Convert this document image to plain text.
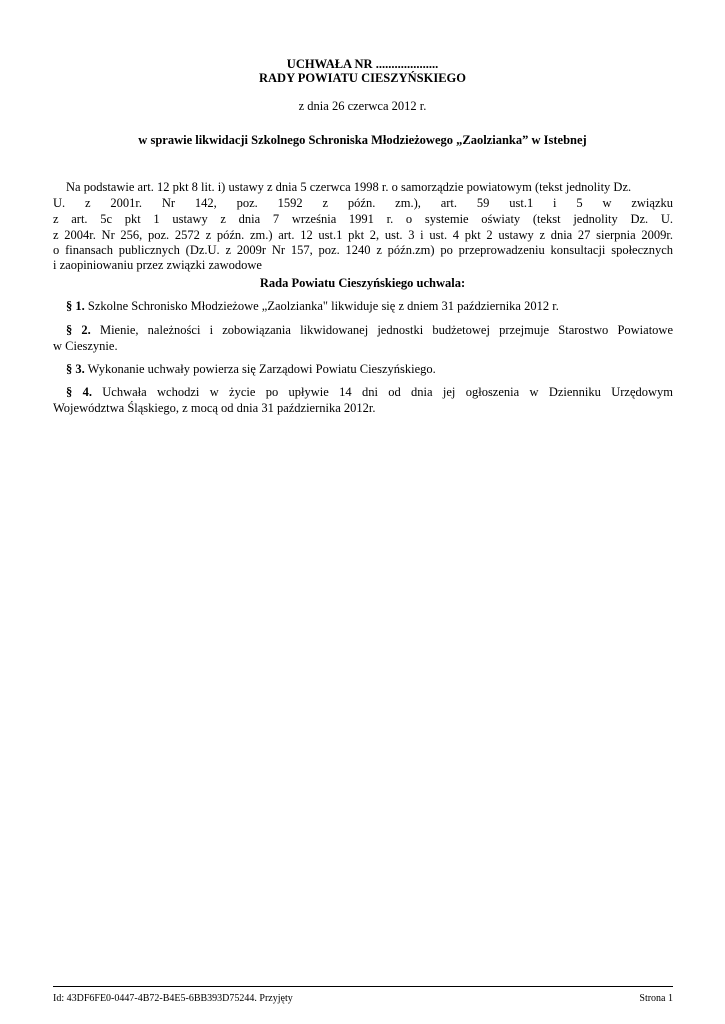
UCHWAŁA NR ....................
RADY POWIATU CIESZYŃSKIEGO
z dnia 26 czerwca 2012 r.
w sprawie likwidacji Szkolnego Schroniska Młodzieżowego „Zaolzianka” w Istebnej
Na podstawie art. 12 pkt 8 lit. i) ustawy z dnia 5 czerwca 1998 r. o samorządzie powiatowym (tekst jednolity Dz.
U. z 2001r. Nr 142, poz. 1592 z późn. zm.), art. 59 ust.1 i 5 w związku
z art. 5c pkt 1 ustawy z dnia 7 września 1991 r. o systemie oświaty (tekst jednolity Dz. U.
z 2004r. Nr 256, poz. 2572 z późn. zm.) art. 12 ust.1 pkt 2, ust. 3 i ust. 4 pkt 2 ustawy z dnia 27 sierpnia 2009r.
o finansach publicznych (Dz.U. z 2009r Nr 157, poz. 1240 z późn.zm) po przeprowadzeniu konsultacji społecznych
i zaopiniowaniu przez związki zawodowe
Rada Powiatu Cieszyńskiego uchwala:
§ 1. Szkolne Schronisko Młodzieżowe „Zaolzianka" likwiduje się z dniem 31 października 2012 r.
§ 2. Mienie, należności i zobowiązania likwidowanej jednostki budżetowej przejmuje Starostwo Powiatowe
w Cieszynie.
§ 3. Wykonanie uchwały powierza się Zarządowi Powiatu Cieszyńskiego.
§ 4. Uchwała wchodzi w życie po upływie 14 dni od dnia jej ogłoszenia w Dzienniku Urzędowym
Województwa Śląskiego, z mocą od dnia 31 października 2012r.
Id: 43DF6FE0-0447-4B72-B4E5-6BB393D75244. Przyjęty	Strona 1
